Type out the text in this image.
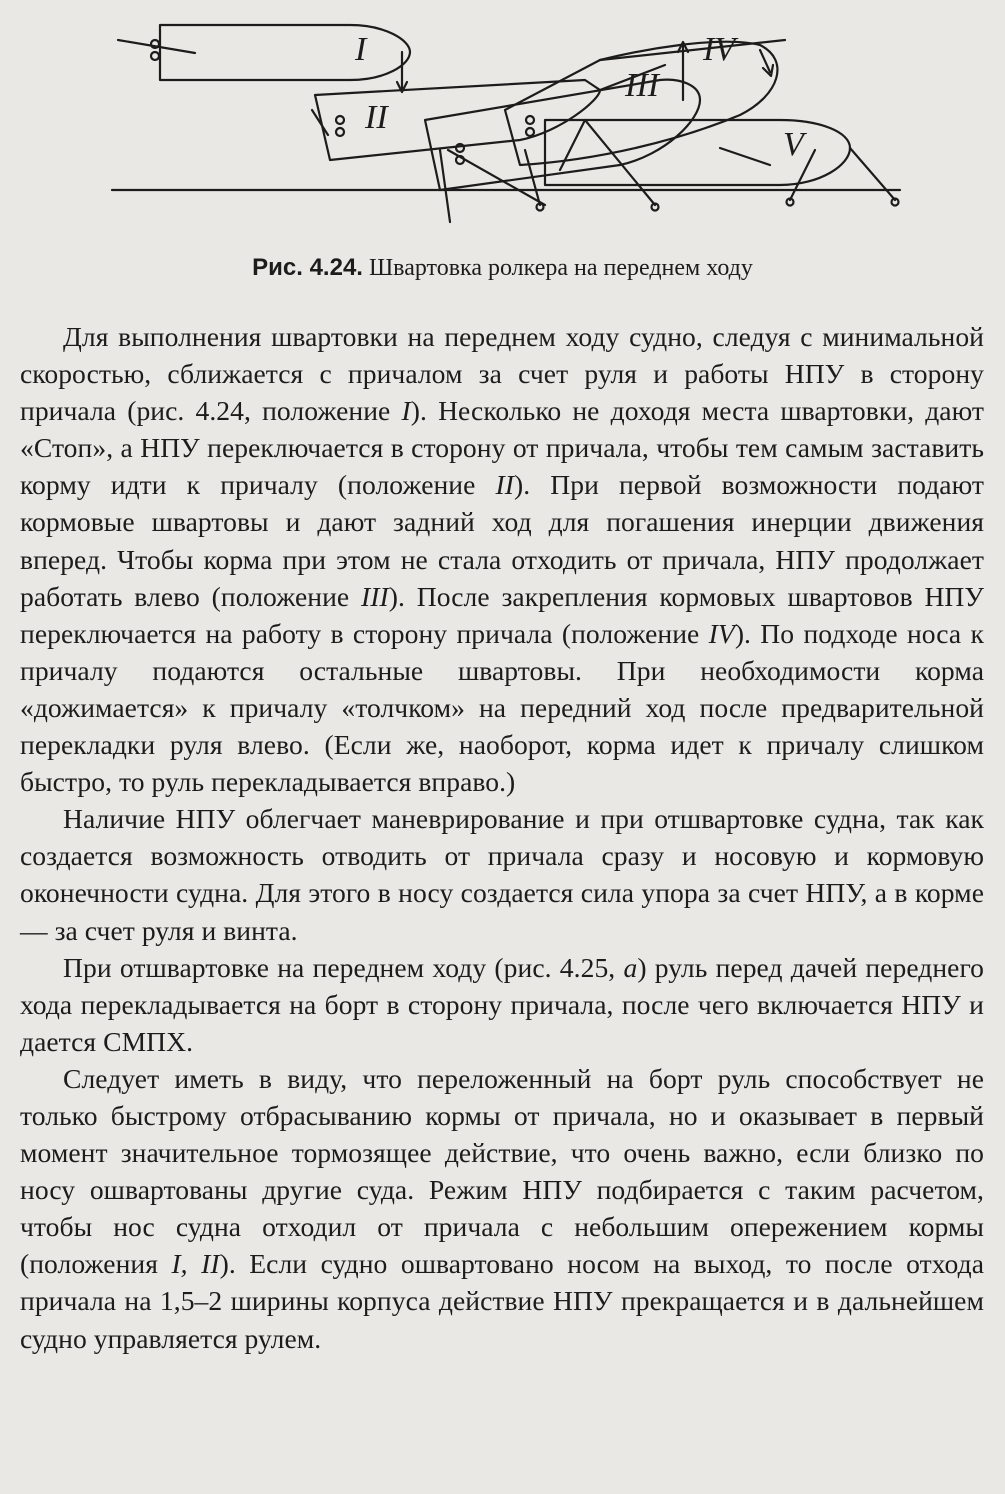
I
II
III
IV
V
Рис. 4.24. Швартовка ролкера на переднем ходу

Для выполнения швартовки на переднем ходу судно, следуя с минимальной скоростью, сближается с причалом за счет руля и работы НПУ в сторону причала (рис. 4.24, положение I). Несколько не доходя места швартовки, дают «Стоп», а НПУ переключается в сторону от причала, чтобы тем самым заставить корму идти к причалу (положение II). При первой возможности подают кормовые швартовы и дают задний ход для погашения инерции движения вперед. Чтобы корма при этом не стала отходить от причала, НПУ продолжает работать влево (положение III). После закрепления кормовых швартовов НПУ переключается на работу в сторону причала (положение IV). По подходе носа к причалу подаются остальные швартовы. При необходимости корма «дожимается» к причалу «толчком» на передний ход после предварительной перекладки руля влево. (Если же, наоборот, корма идет к причалу слишком быстро, то руль перекладывается вправо.)

Наличие НПУ облегчает маневрирование и при отшвартовке судна, так как создается возможность отводить от причала сразу и носовую и кормовую оконечности судна. Для этого в носу создается сила упора за счет НПУ, а в корме — за счет руля и винта.

При отшвартовке на переднем ходу (рис. 4.25, а) руль перед дачей переднего хода перекладывается на борт в сторону причала, после чего включается НПУ и дается СМПХ.

Следует иметь в виду, что переложенный на борт руль способствует не только быстрому отбрасыванию кормы от причала, но и оказывает в первый момент значительное тормозящее действие, что очень важно, если близко по носу ошвартованы другие суда. Режим НПУ подбирается с таким расчетом, чтобы нос судна отходил от причала с небольшим опережением кормы (положения I, II). Если судно ошвартовано носом на выход, то после отхода причала на 1,5–2 ширины корпуса действие НПУ прекращается и в дальнейшем судно управляется рулем.
